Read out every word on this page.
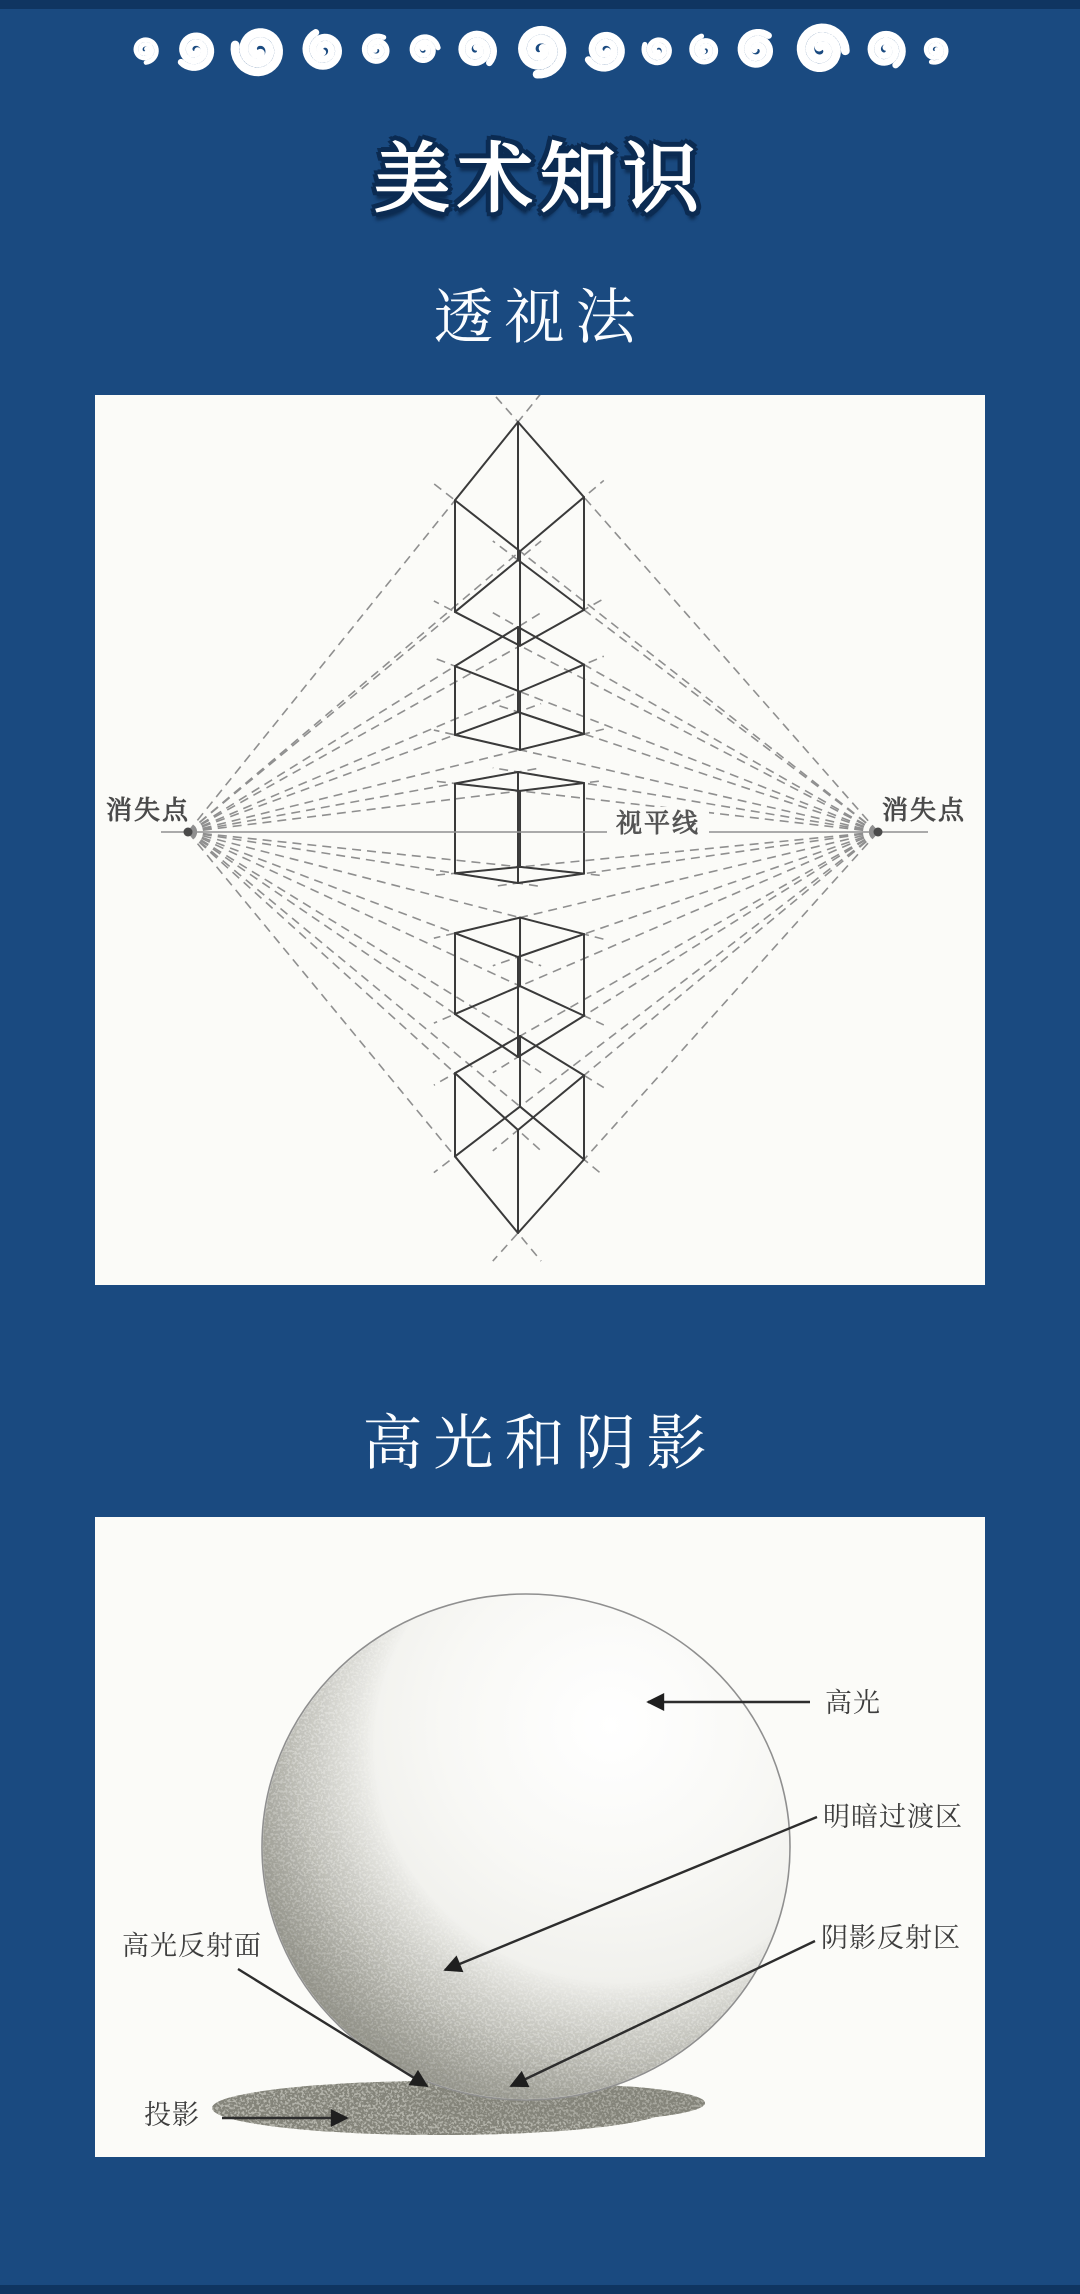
美术知识
透视法
消失点	消失点
视平线
高光和阴影
高光
明暗过渡区
阴影反射区
高光反射面
投影
